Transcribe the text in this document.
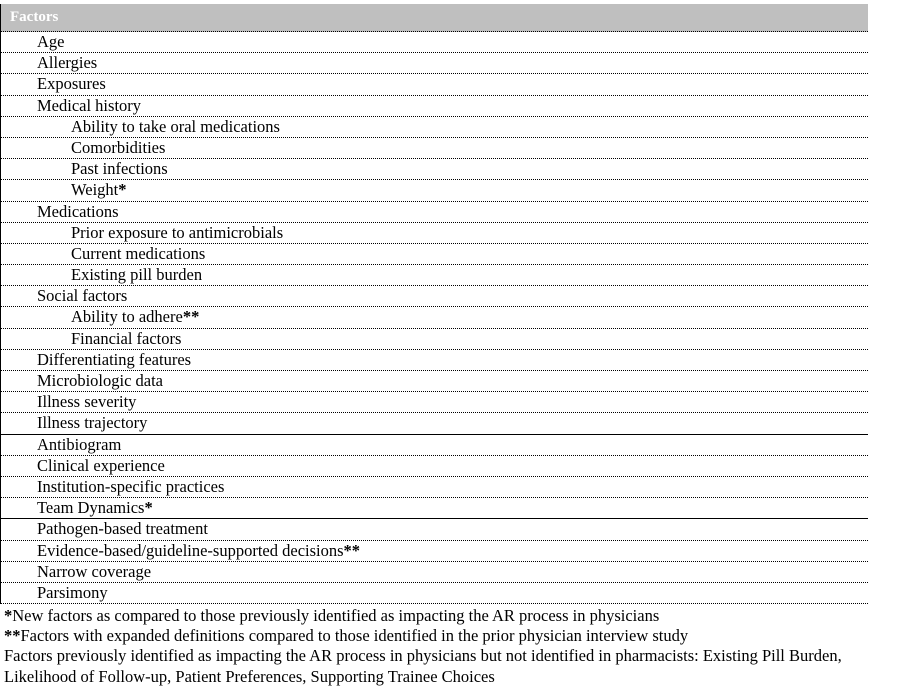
Factors
Age
Allergies
Exposures
Medical history
Ability to take oral medications
Comorbidities
Past infections
Weight*
Medications
Prior exposure to antimicrobials
Current medications
Existing pill burden
Social factors
Ability to adhere**
Financial factors
Differentiating features
Microbiologic data
Illness severity
Illness trajectory
Antibiogram
Clinical experience
Institution-specific practices
Team Dynamics*
Pathogen-based treatment
Evidence-based/guideline-supported decisions**
Narrow coverage
Parsimony
*New factors as compared to those previously identified as impacting the AR process in physicians
**Factors with expanded definitions compared to those identified in the prior physician interview study
Factors previously identified as impacting the AR process in physicians but not identified in pharmacists: Existing Pill Burden,
Likelihood of Follow-up, Patient Preferences, Supporting Trainee Choices
